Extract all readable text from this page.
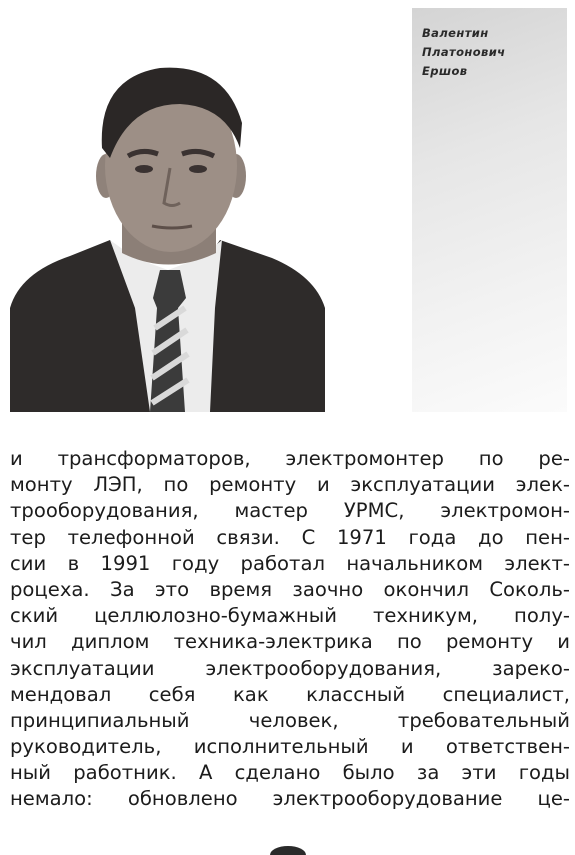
Валентин
Платонович
Ершов
и трансформаторов, электромонтер по ре-
монту ЛЭП, по ремонту и эксплуатации элек-
трооборудования, мастер УРМС, электромон-
тер телефонной связи. С 1971 года до пен-
сии в 1991 году работал начальником элект-
роцеха. За это время заочно окончил Соколь-
ский целлюлозно-бумажный техникум, полу-
чил диплом техника-электрика по ремонту и
эксплуатации электрооборудования, зареко-
мендовал себя как классный специалист,
принципиальный человек, требовательный
руководитель, исполнительный и ответствен-
ный работник. А сделано было за эти годы
немало: обновлено электрооборудование це-
